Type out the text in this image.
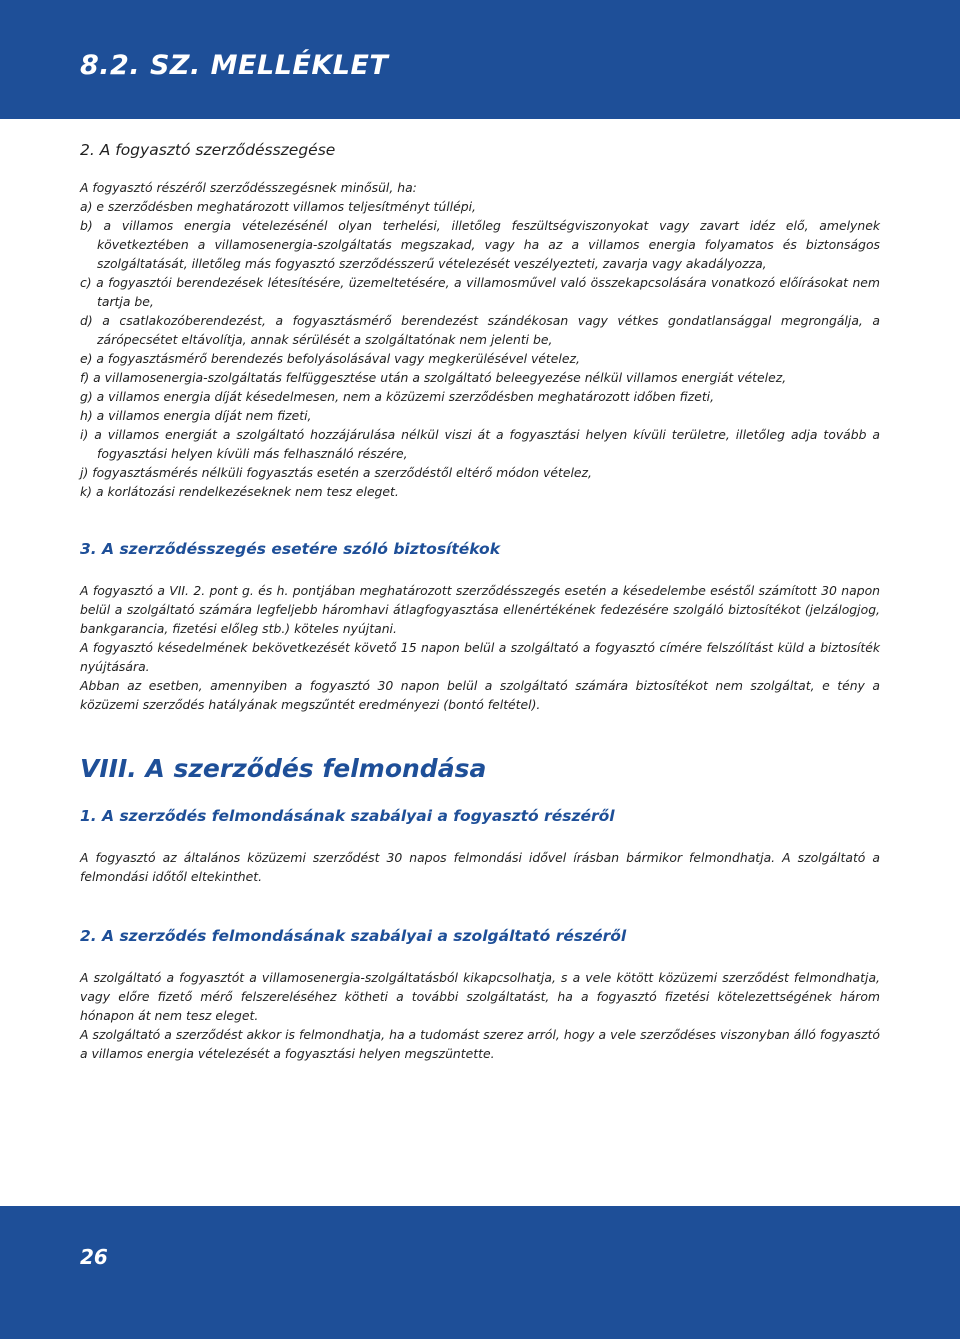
8.2. SZ. MELLÉKLET

2. A fogyasztó szerződésszegése

A fogyasztó részéről szerződésszegésnek minősül, ha:

a) e szerződésben meghatározott villamos teljesítményt túllépi,

b) a villamos energia vételezésénél olyan terhelési, illetőleg feszültségviszonyokat vagy zavart idéz elő, amelynek következtében a villamosenergia-szolgáltatás megszakad, vagy ha az a villamos energia folyamatos és biztonságos szolgáltatását, illetőleg más fogyasztó szerződésszerű vételezését veszélyezteti, zavarja vagy akadályozza,

c) a fogyasztói berendezések létesítésére, üzemeltetésére, a villamosművel való összekapcsolására vonatkozó előírásokat nem tartja be,

d) a csatlakozóberendezést, a fogyasztásmérő berendezést szándékosan vagy vétkes gondatlansággal megrongálja, a zárópecsétet eltávolítja, annak sérülését a szolgáltatónak nem jelenti be,

e) a fogyasztásmérő berendezés befolyásolásával vagy megkerülésével vételez,

f) a villamosenergia-szolgáltatás felfüggesztése után a szolgáltató beleegyezése nélkül villamos energiát vételez,

g) a villamos energia díját késedelmesen, nem a közüzemi szerződésben meghatározott időben fizeti,

h) a villamos energia díját nem fizeti,

i) a villamos energiát a szolgáltató hozzájárulása nélkül viszi át a fogyasztási helyen kívüli területre, illetőleg adja tovább a fogyasztási helyen kívüli más felhasználó részére,

j) fogyasztásmérés nélküli fogyasztás esetén a szerződéstől eltérő módon vételez,

k) a korlátozási rendelkezéseknek nem tesz eleget.

3. A szerződésszegés esetére szóló biztosítékok

A fogyasztó a VII. 2. pont g. és h. pontjában meghatározott szerződésszegés esetén a késedelembe eséstől számított 30 napon belül a szolgáltató számára legfeljebb háromhavi átlagfogyasztása ellenértékének fedezésére szolgáló biztosítékot (jelzálogjog, bankgarancia, fizetési előleg stb.) köteles nyújtani.

A fogyasztó késedelmének bekövetkezését követő 15 napon belül a szolgáltató a fogyasztó címére felszólítást küld a biztosíték nyújtására.

Abban az esetben, amennyiben a fogyasztó 30 napon belül a szolgáltató számára biztosítékot nem szolgáltat, e tény a közüzemi szerződés hatályának megszűntét eredményezi (bontó feltétel).

VIII. A szerződés felmondása

1. A szerződés felmondásának szabályai a fogyasztó részéről

A fogyasztó az általános közüzemi szerződést 30 napos felmondási idővel írásban bármikor felmondhatja. A szolgáltató a felmondási időtől eltekinthet.

2. A szerződés felmondásának szabályai a szolgáltató részéről

A szolgáltató a fogyasztót a villamosenergia-szolgáltatásból kikapcsolhatja, s a vele kötött közüzemi szerződést felmondhatja, vagy előre fizető mérő felszereléséhez kötheti a további szolgáltatást, ha a fogyasztó fizetési kötelezettségének három hónapon át nem tesz eleget.

A szolgáltató a szerződést akkor is felmondhatja, ha a tudomást szerez arról, hogy a vele szerződéses viszonyban álló fogyasztó a villamos energia vételezését a fogyasztási helyen megszüntette.

26
